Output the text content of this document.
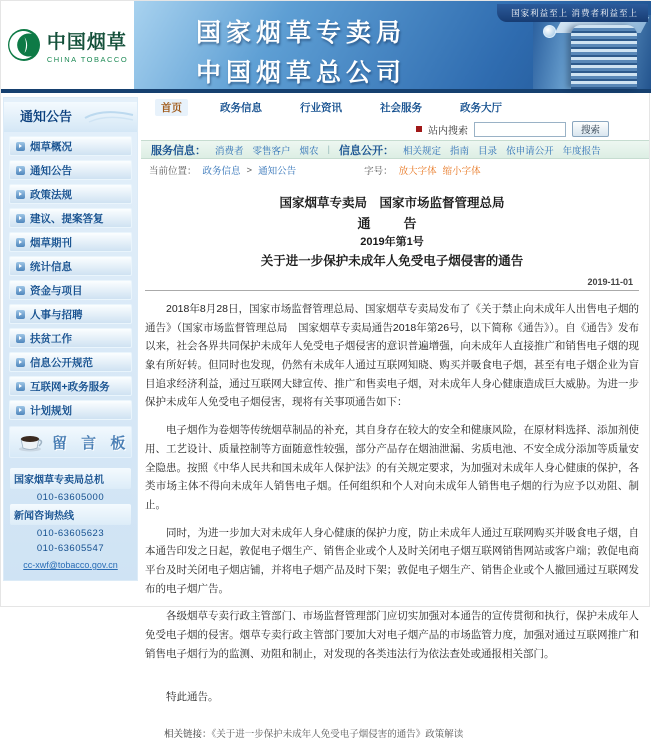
中国烟草
CHINA TOBACCO
国家烟草专卖局
中国烟草总公司
国家利益至上 消费者利益至上
通知公告
烟草概况
通知公告
政策法规
建议、提案答复
烟草期刊
统计信息
资金与项目
人事与招聘
扶贫工作
信息公开规范
互联网+政务服务
计划规划
留 言 板
国家烟草专卖局总机
010-63605000
新闻咨询热线
010-63605623
010-63605547
cc-xwf@tobacco.gov.cn
首页	政务信息	行业资讯	社会服务	政务大厅
站内搜索	搜索
服务信息： 消费者 零售客户 烟农 | 信息公开： 相关规定 指南 目录 依申请公开 年度报告
当前位置： 政务信息 > 通知公告	字号： 放大字体 缩小字体
国家烟草专卖局　国家市场监督管理总局
通　告
2019年第1号
关于进一步保护未成年人免受电子烟侵害的通告
2019-11-01

2018年8月28日，国家市场监督管理总局、国家烟草专卖局发布了《关于禁止向未成年人出售电子烟的通告》（国家市场监督管理总局　国家烟草专卖局通告2018年第26号，以下简称《通告》）。自《通告》发布以来，社会各界共同保护未成年人免受电子烟侵害的意识普遍增强，向未成年人直接推广和销售电子烟的现象有所好转。但同时也发现，仍然有未成年人通过互联网知晓、购买并吸食电子烟，甚至有电子烟企业为盲目追求经济利益，通过互联网大肆宣传、推广和售卖电子烟，对未成年人身心健康造成巨大威胁。为进一步保护未成年人免受电子烟侵害，现将有关事项通告如下：

电子烟作为卷烟等传统烟草制品的补充，其自身存在较大的安全和健康风险，在原材料选择、添加剂使用、工艺设计、质量控制等方面随意性较强，部分产品存在烟油泄漏、劣质电池、不安全成分添加等质量安全隐患。按照《中华人民共和国未成年人保护法》的有关规定要求，为加强对未成年人身心健康的保护，各类市场主体不得向未成年人销售电子烟。任何组织和个人对向未成年人销售电子烟的行为应予以劝阻、制止。

同时，为进一步加大对未成年人身心健康的保护力度，防止未成年人通过互联网购买并吸食电子烟，自本通告印发之日起，敦促电子烟生产、销售企业或个人及时关闭电子烟互联网销售网站或客户端；敦促电商平台及时关闭电子烟店铺，并将电子烟产品及时下架；敦促电子烟生产、销售企业或个人撤回通过互联网发布的电子烟广告。

各级烟草专卖行政主管部门、市场监督管理部门应切实加强对本通告的宣传贯彻和执行，保护未成年人免受电子烟的侵害。烟草专卖行政主管部门要加大对电子烟产品的市场监管力度，加强对通过互联网推广和销售电子烟行为的监测、劝阻和制止，对发现的各类违法行为依法查处或通报相关部门。

特此通告。
相关链接：《关于进一步保护未成年人免受电子烟侵害的通告》政策解读
